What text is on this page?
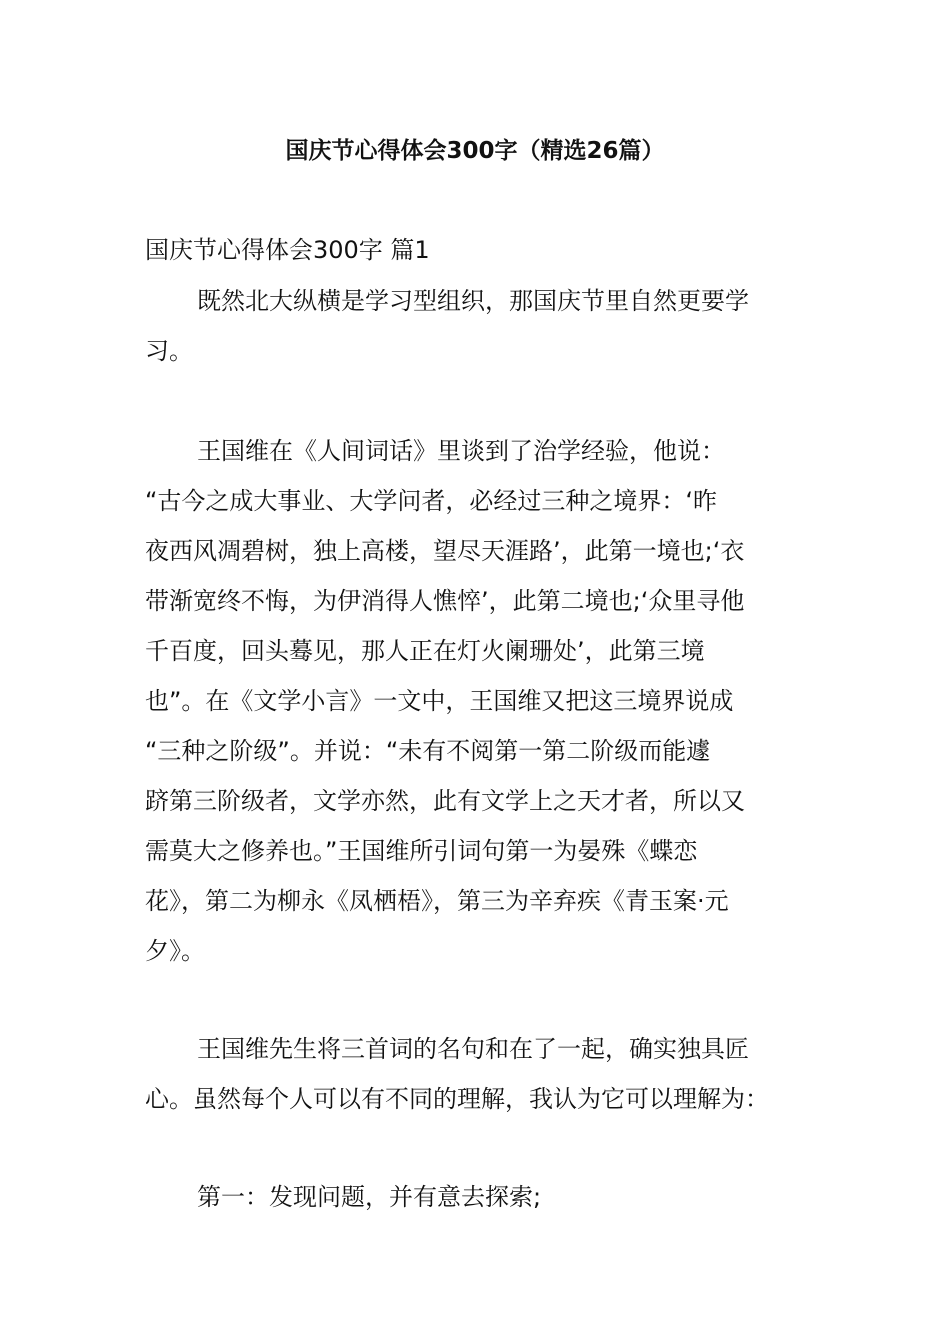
国庆节心得体会300字（精选26篇）
国庆节心得体会300字 篇1
既然北大纵横是学习型组织，那国庆节里自然更要学
习。
王国维在《人间词话》里谈到了治学经验，他说：
“古今之成大事业、大学问者，必经过三种之境界：‘昨
夜西风凋碧树，独上高楼，望尽天涯路’，此第一境也;‘衣
带渐宽终不悔，为伊消得人憔悴’，此第二境也;‘众里寻他
千百度，回头蓦见，那人正在灯火阑珊处’，此第三境
也”。在《文学小言》一文中，王国维又把这三境界说成
“三种之阶级”。并说：“未有不阅第一第二阶级而能遽
跻第三阶级者，文学亦然，此有文学上之天才者，所以又
需莫大之修养也。”王国维所引词句第一为晏殊《蝶恋
花》，第二为柳永《凤栖梧》，第三为辛弃疾《青玉案·元
夕》。
王国维先生将三首词的名句和在了一起，确实独具匠
心。虽然每个人可以有不同的理解，我认为它可以理解为：
第一：发现问题，并有意去探索;
